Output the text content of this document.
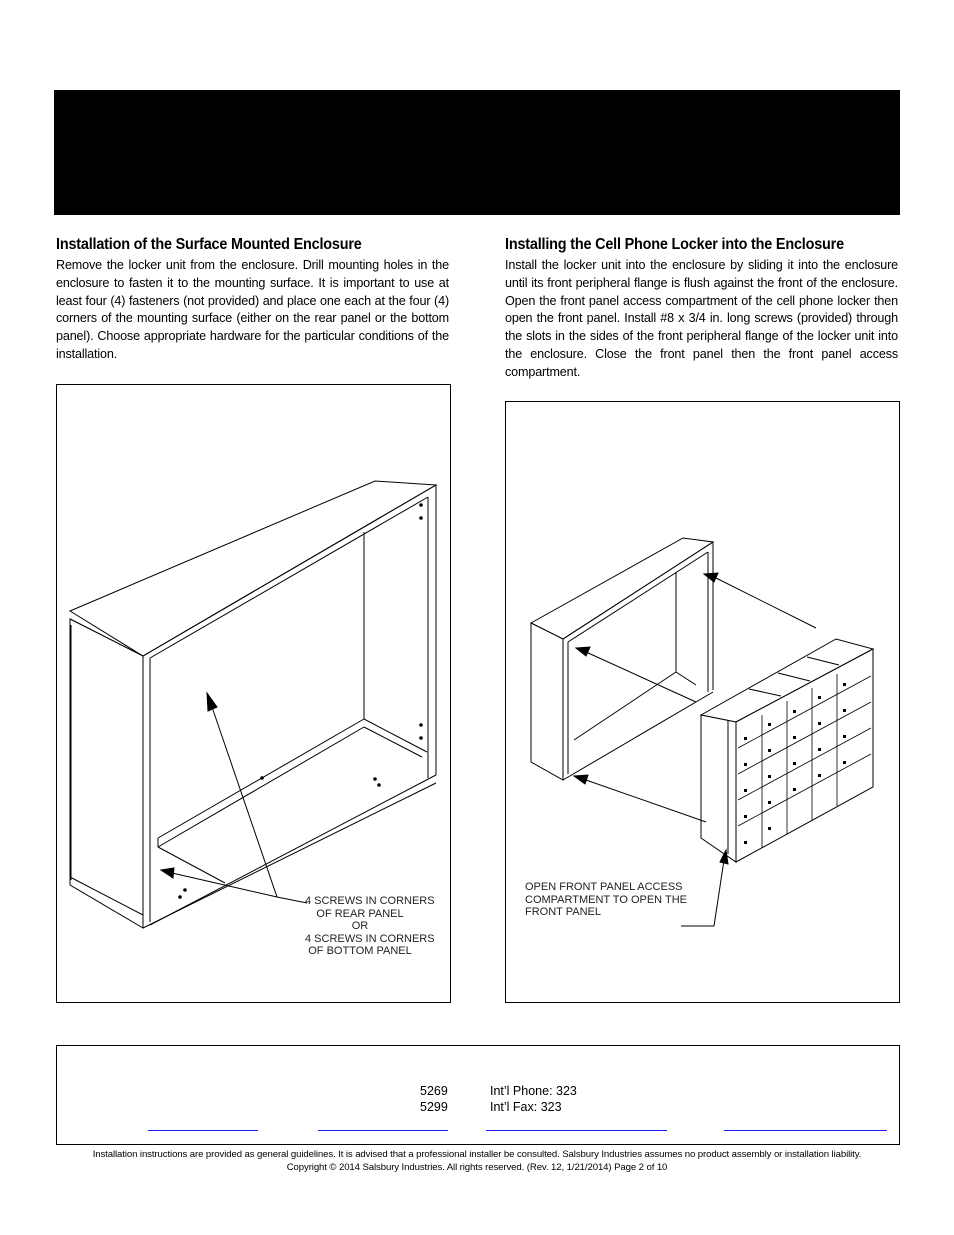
Installation of the Surface Mounted Enclosure

Remove the locker unit from the enclosure. Drill mounting holes in the enclosure to fasten it to the mounting surface. It is important to use at least four (4) fasteners (not provided) and place one each at the four (4) corners of the mounting surface (either on the rear panel or the bottom panel). Choose appropriate hardware for the particular conditions of the installation.

Installing the Cell Phone Locker into the Enclosure

Install the locker unit into the enclosure by sliding it into the enclosure until its front peripheral flange is flush against the front of the enclosure. Open the front panel access compartment of the cell phone locker then open the front panel. Install #8 x 3/4 in. long screws (provided) through the slots in the sides of the front peripheral flange of the locker unit into the enclosure. Close the front panel then the front panel access compartment.

4 SCREWS IN CORNERS
OF REAR PANEL
OR
4 SCREWS IN CORNERS
OF BOTTOM PANEL
OPEN FRONT PANEL ACCESS
COMPARTMENT TO OPEN THE
FRONT PANEL
5269	Int’l Phone: 323
5299	Int’l Fax: 323
Installation instructions are provided as general guidelines. It is advised that a professional installer be consulted. Salsbury Industries assumes no product assembly or installation liability.
Copyright © 2014 Salsbury Industries. All rights reserved. (Rev. 12, 1/21/2014) Page 2 of 10
